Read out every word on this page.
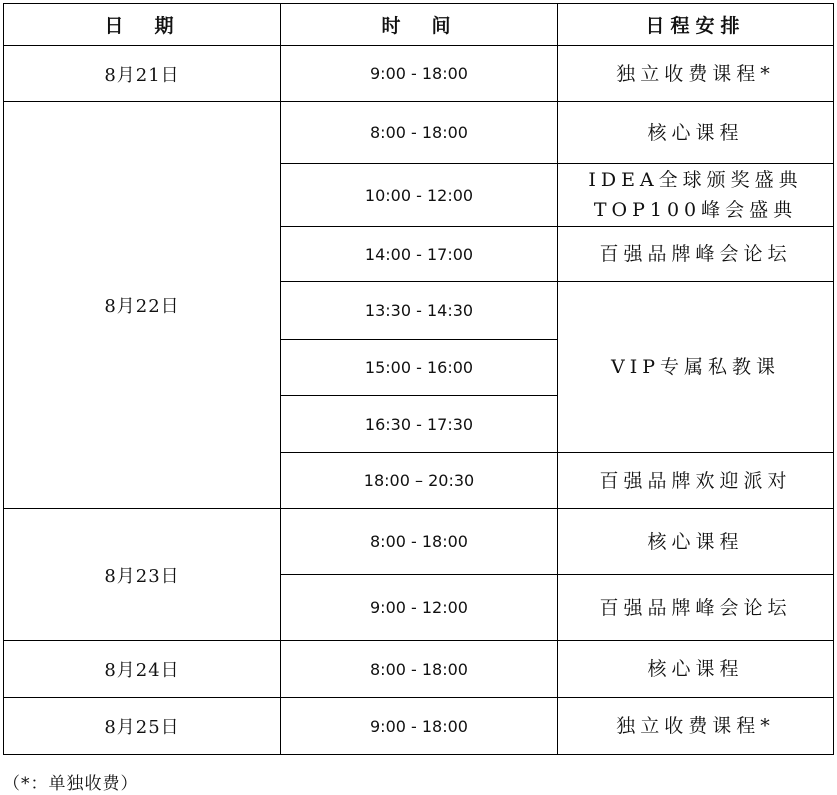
日　期	时　间	日程安排
8月21日	9:00 - 18:00	独立收费课程*
8月22日	8:00 - 18:00	核心课程
	10:00 - 12:00	IDEA全球颁奖盛典
TOP100峰会盛典

	14:00 - 17:00	百强品牌峰会论坛
	13:30 - 14:30	VIP专属私教课
	15:00 - 16:00	
	16:30 - 17:30	
	18:00 – 20:30	百强品牌欢迎派对
8月23日	8:00 - 18:00	核心课程
	9:00 - 12:00	百强品牌峰会论坛
8月24日	8:00 - 18:00	核心课程
8月25日	9:00 - 18:00	独立收费课程*
（*：单独收费）
